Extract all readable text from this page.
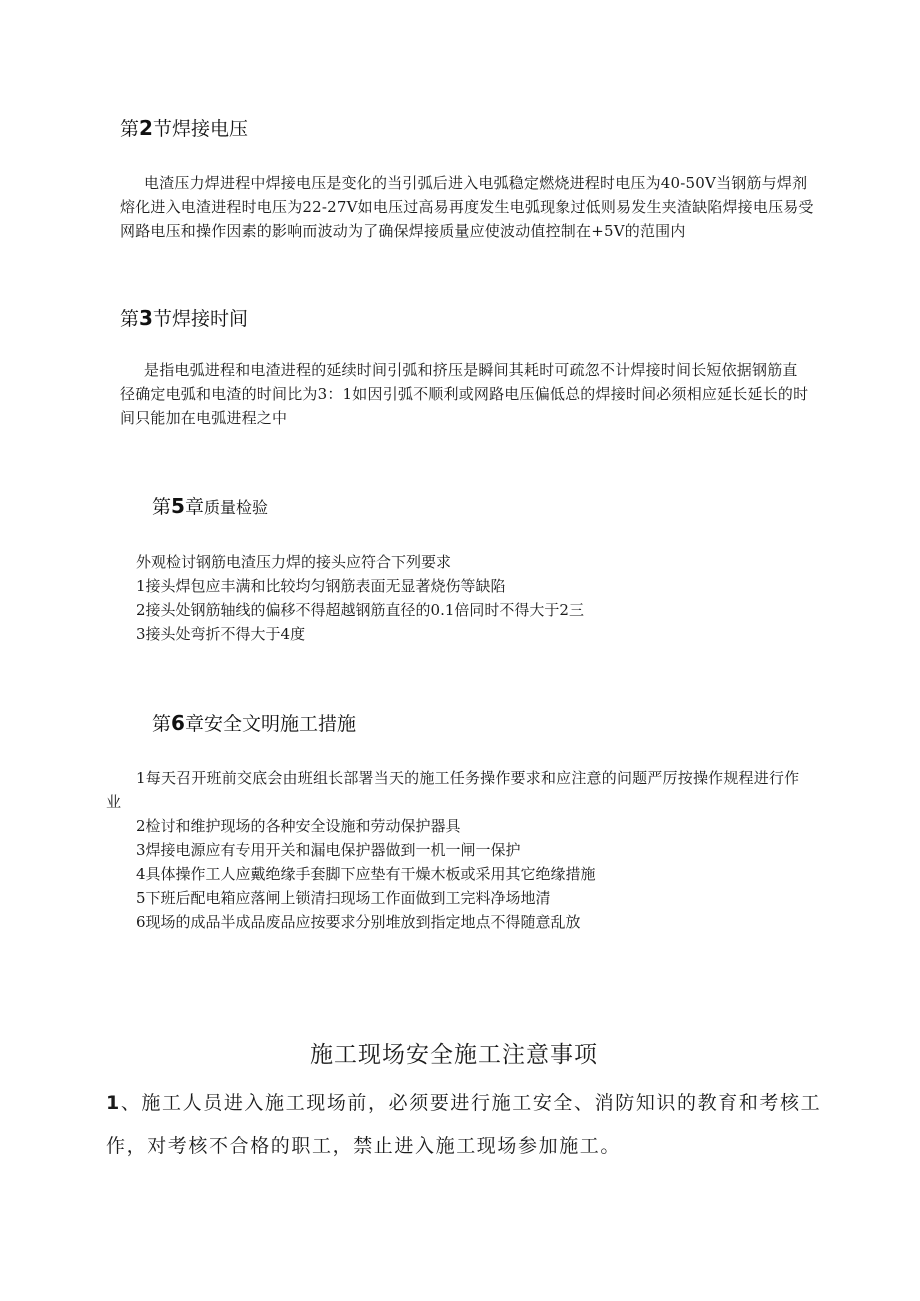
第2节焊接电压
电渣压力焊进程中焊接电压是变化的当引弧后进入电弧稳定燃烧进程时电压为40-50V当钢筋与焊剂
熔化进入电渣进程时电压为22-27V如电压过高易再度发生电弧现象过低则易发生夹渣缺陷焊接电压易受
网路电压和操作因素的影响而波动为了确保焊接质量应使波动值控制在+5V的范围内
第3节焊接时间
是指电弧进程和电渣进程的延续时间引弧和挤压是瞬间其耗时可疏忽不计焊接时间长短依据钢筋直
径确定电弧和电渣的时间比为3：1如因引弧不顺利或网路电压偏低总的焊接时间必须相应延长延长的时
间只能加在电弧进程之中
第5章质量检验
外观检讨钢筋电渣压力焊的接头应符合下列要求
1接头焊包应丰满和比较均匀钢筋表面无显著烧伤等缺陷
2接头处钢筋轴线的偏移不得超越钢筋直径的0.1倍同时不得大于2三
3接头处弯折不得大于4度
第6章安全文明施工措施
1每天召开班前交底会由班组长部署当天的施工任务操作要求和应注意的问题严厉按操作规程进行作
业
2检讨和维护现场的各种安全设施和劳动保护器具
3焊接电源应有专用开关和漏电保护器做到一机一闸一保护
4具体操作工人应戴绝缘手套脚下应垫有干燥木板或采用其它绝缘措施
5下班后配电箱应落闸上锁清扫现场工作面做到工完料净场地清
6现场的成品半成品废品应按要求分别堆放到指定地点不得随意乱放
施工现场安全施工注意事项
1、施工人员进入施工现场前，必须要进行施工安全、消防知识的教育和考核工
作，对考核不合格的职工，禁止进入施工现场参加施工。
